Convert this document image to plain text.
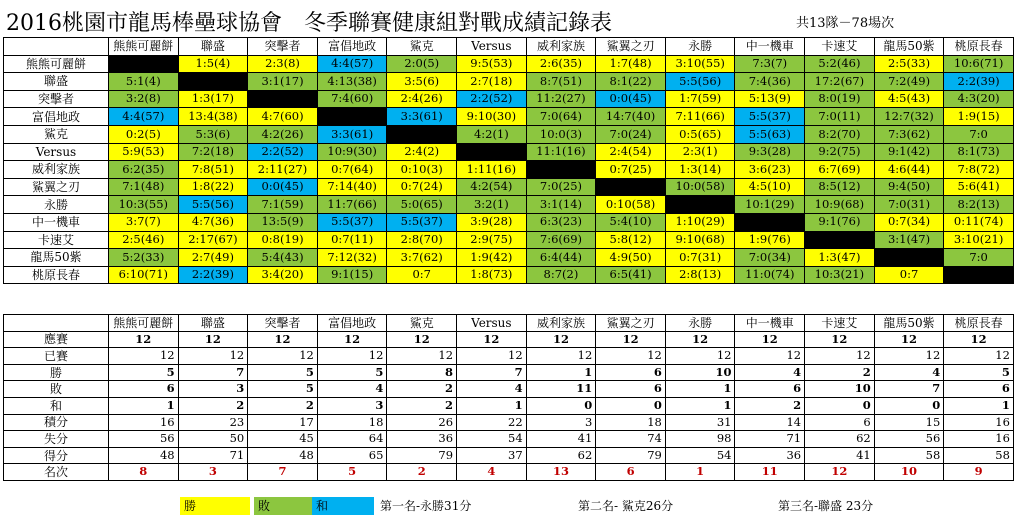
2016桃園市龍馬棒壘球協會　冬季聯賽健康組對戰成績記錄表	共13隊－78場次
	熊熊可麗餅	聯盛	突擊者	富倡地政	鯊克	Versus	威利家族	鯊翼之刃	永勝	中一機車	卡速艾	龍馬50紫	桃原長春
熊熊可麗餅		1:5(4)	2:3(8)	4:4(57)	2:0(5)	9:5(53)	2:6(35)	1:7(48)	3:10(55)	7:3(7)	5:2(46)	2:5(33)	10:6(71)
聯盛	5:1(4)		3:1(17)	4:13(38)	3:5(6)	2:7(18)	8:7(51)	8:1(22)	5:5(56)	7:4(36)	17:2(67)	7:2(49)	2:2(39)
突擊者	3:2(8)	1:3(17)		7:4(60)	2:4(26)	2:2(52)	11:2(27)	0:0(45)	1:7(59)	5:13(9)	8:0(19)	4:5(43)	4:3(20)
富倡地政	4:4(57)	13:4(38)	4:7(60)		3:3(61)	9:10(30)	7:0(64)	14:7(40)	7:11(66)	5:5(37)	7:0(11)	12:7(32)	1:9(15)
鯊克	0:2(5)	5:3(6)	4:2(26)	3:3(61)		4:2(1)	10:0(3)	7:0(24)	0:5(65)	5:5(63)	8:2(70)	7:3(62)	7:0
Versus	5:9(53)	7:2(18)	2:2(52)	10:9(30)	2:4(2)		11:1(16)	2:4(54)	2:3(1)	9:3(28)	9:2(75)	9:1(42)	8:1(73)
威利家族	6:2(35)	7:8(51)	2:11(27)	0:7(64)	0:10(3)	1:11(16)		0:7(25)	1:3(14)	3:6(23)	6:7(69)	4:6(44)	7:8(72)
鯊翼之刃	7:1(48)	1:8(22)	0:0(45)	7:14(40)	0:7(24)	4:2(54)	7:0(25)		10:0(58)	4:5(10)	8:5(12)	9:4(50)	5:6(41)
永勝	10:3(55)	5:5(56)	7:1(59)	11:7(66)	5:0(65)	3:2(1)	3:1(14)	0:10(58)		10:1(29)	10:9(68)	7:0(31)	8:2(13)
中一機車	3:7(7)	4:7(36)	13:5(9)	5:5(37)	5:5(37)	3:9(28)	6:3(23)	5:4(10)	1:10(29)		9:1(76)	0:7(34)	0:11(74)
卡速艾	2:5(46)	2:17(67)	0:8(19)	0:7(11)	2:8(70)	2:9(75)	7:6(69)	5:8(12)	9:10(68)	1:9(76)		3:1(47)	3:10(21)
龍馬50紫	5:2(33)	2:7(49)	5:4(43)	7:12(32)	3:7(62)	1:9(42)	6:4(44)	4:9(50)	0:7(31)	7:0(34)	1:3(47)		7:0
桃原長春	6:10(71)	2:2(39)	3:4(20)	9:1(15)	0:7	1:8(73)	8:7(2)	6:5(41)	2:8(13)	11:0(74)	10:3(21)	0:7	
	熊熊可麗餅	聯盛	突擊者	富倡地政	鯊克	Versus	威利家族	鯊翼之刃	永勝	中一機車	卡速艾	龍馬50紫	桃原長春
應賽	12	12	12	12	12	12	12	12	12	12	12	12	12
已賽	12	12	12	12	12	12	12	12	12	12	12	12	12
勝	5	7	5	5	8	7	1	6	10	4	2	4	5
敗	6	3	5	4	2	4	11	6	1	6	10	7	6
和	1	2	2	3	2	1	0	0	1	2	0	0	1
積分	16	23	17	18	26	22	3	18	31	14	6	15	16
失分	56	50	45	64	36	54	41	74	98	71	62	56	16
得分	48	71	48	65	79	37	62	79	54	36	41	58	58
名次	8	3	7	5	2	4	13	6	1	11	12	10	9
勝	敗	和	第一名-永勝31分	第二名- 鯊克26分	第三名-聯盛 23分
